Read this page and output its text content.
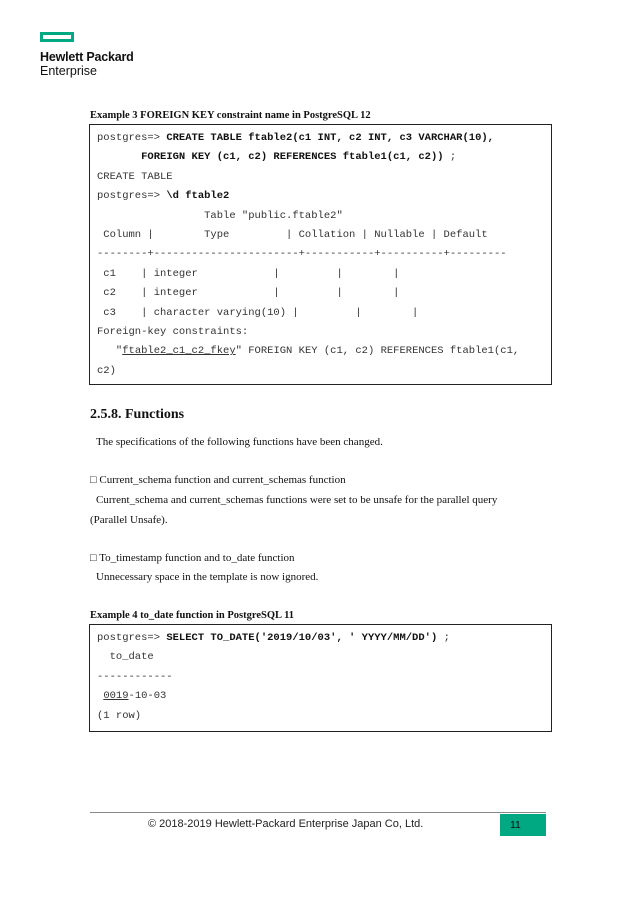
Hewlett Packard
Enterprise
Example 3 FOREIGN KEY constraint name in PostgreSQL 12
postgres=> CREATE TABLE ftable2(c1 INT, c2 INT, c3 VARCHAR(10),
FOREIGN KEY (c1, c2) REFERENCES ftable1(c1, c2)) ;
CREATE TABLE
postgres=> \d ftable2
Table "public.ftable2"
Column |        Type         | Collation | Nullable | Default
--------+-----------------------+-----------+----------+---------
c1    | integer            |         |        |
c2    | integer            |         |        |
c3    | character varying(10) |         |        |
Foreign-key constraints:
"ftable2_c1_c2_fkey" FOREIGN KEY (c1, c2) REFERENCES ftable1(c1,
c2)
2.5.8. Functions
The specifications of the following functions have been changed.
□ Current_schema function and current_schemas function
Current_schema and current_schemas functions were set to be unsafe for the parallel query
(Parallel Unsafe).
□ To_timestamp function and to_date function
Unnecessary space in the template is now ignored.
Example 4 to_date function in PostgreSQL 11
postgres=> SELECT TO_DATE('2019/10/03', ' YYYY/MM/DD') ;
to_date
------------
0019-10-03
(1 row)
© 2018-2019 Hewlett-Packard Enterprise Japan Co, Ltd.	11
